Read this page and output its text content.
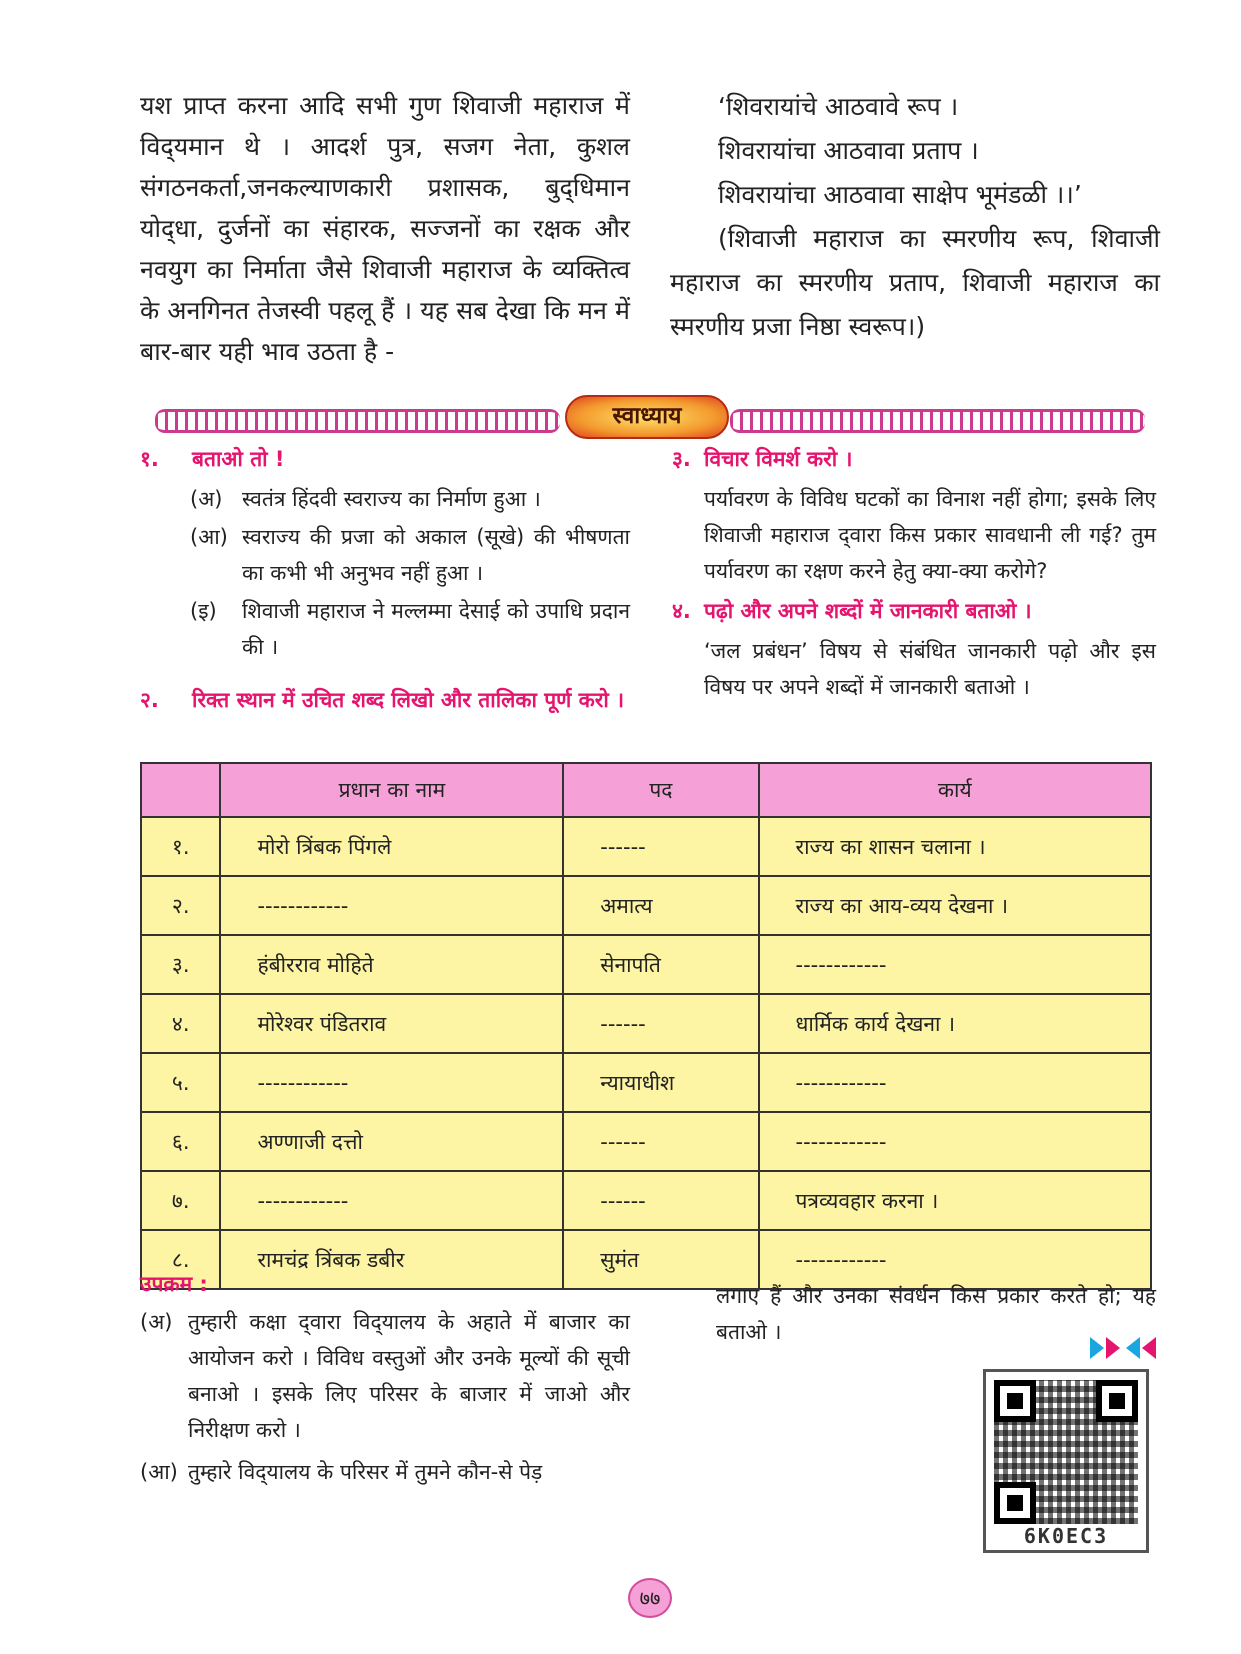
यश प्राप्त करना आदि सभी गुण शिवाजी महाराज में विद्‌यमान थे । आदर्श पुत्र, सजग नेता, कुशल संगठनकर्ता,जनकल्याणकारी प्रशासक, बुद्‌धिमान योद्‌धा, दुर्जनों का संहारक, सज्जनों का रक्षक और नवयुग का निर्माता जैसे शिवाजी महाराज के व्यक्तित्व के अनगिनत तेजस्वी पहलू हैं । यह सब देखा कि मन में बार-बार यही भाव उठता है -
‘शिवरायांचे आठवावे रूप ।
शिवरायांचा आठवावा प्रताप ।
शिवरायांचा आठवावा साक्षेप भूमंडळी ।।’
(शिवाजी महाराज का स्मरणीय रूप, शिवाजी महाराज का स्मरणीय प्रताप, शिवाजी महाराज का स्मरणीय प्रजा निष्ठा स्वरूप।)
स्वाध्याय
१. बताओ तो !
(अ) स्वतंत्र हिंदवी स्वराज्य का निर्माण हुआ ।
(आ) स्वराज्य की प्रजा को अकाल (सूखे) की भीषणता का कभी भी अनुभव नहीं हुआ ।
(इ) शिवाजी महाराज ने मल्लम्मा देसाई को उपाधि प्रदान की ।
२. रिक्त स्थान में उचित शब्द लिखो और तालिका पूर्ण करो ।
३. विचार विमर्श करो ।
पर्यावरण के विविध घटकों का विनाश नहीं होगा; इसके लिए शिवाजी महाराज द्‌वारा किस प्रकार सावधानी ली गई? तुम पर्यावरण का रक्षण करने हेतु क्या-क्या करोगे?
४. पढ़ो और अपने शब्दों में जानकारी बताओ ।
‘जल प्रबंधन’ विषय से संबंधित जानकारी पढ़ो और इस विषय पर अपने शब्दों में जानकारी बताओ ।
	प्रधान का नाम	पद	कार्य
१.	मोरो त्रिंबक पिंगले	------	राज्य का शासन चलाना ।
२.	------------	अमात्य	राज्य का आय-व्यय देखना ।
३.	हंबीरराव मोहिते	सेनापति	------------
४.	मोरेश्वर पंडितराव	------	धार्मिक कार्य देखना ।
५.	------------	न्यायाधीश	------------
६.	अण्णाजी दत्तो	------	------------
७.	------------	------	पत्रव्यवहार करना ।
८.	रामचंद्र त्रिंबक डबीर	सुमंत	------------
उपक्रम :
(अ) तुम्हारी कक्षा द्‌वारा विद्‌यालय के अहाते में बाजार का आयोजन करो । विविध वस्तुओं और उनके मूल्यों की सूची बनाओ । इसके लिए परिसर के बाजार में जाओ और निरीक्षण करो ।
(आ) तुम्हारे विद्‌यालय के परिसर में तुमने कौन-से पेड़
लगाए हैं और उनका संवर्धन किस प्रकार करते हो; यह बताओ ।
6K0EC3
७७
